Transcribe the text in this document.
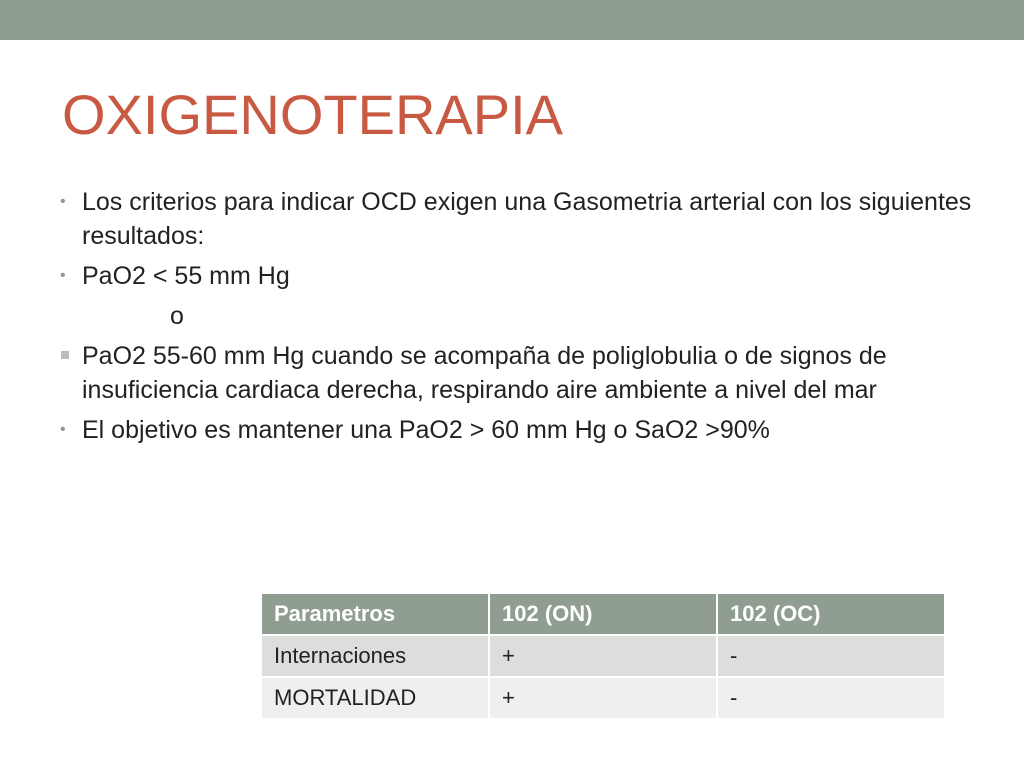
OXIGENOTERAPIA
• Los criterios para indicar OCD exigen una Gasometria arterial con los siguientes resultados:
• PaO2 < 55 mm Hg
o
PaO2 55-60 mm Hg cuando se acompaña de poliglobulia o de signos de insuficiencia cardiaca derecha, respirando aire ambiente a nivel del mar
• El objetivo es mantener una PaO2 > 60 mm Hg o SaO2 >90%
Parametros	102 (ON)	102 (OC)
Internaciones	+	-
MORTALIDAD	+	-
